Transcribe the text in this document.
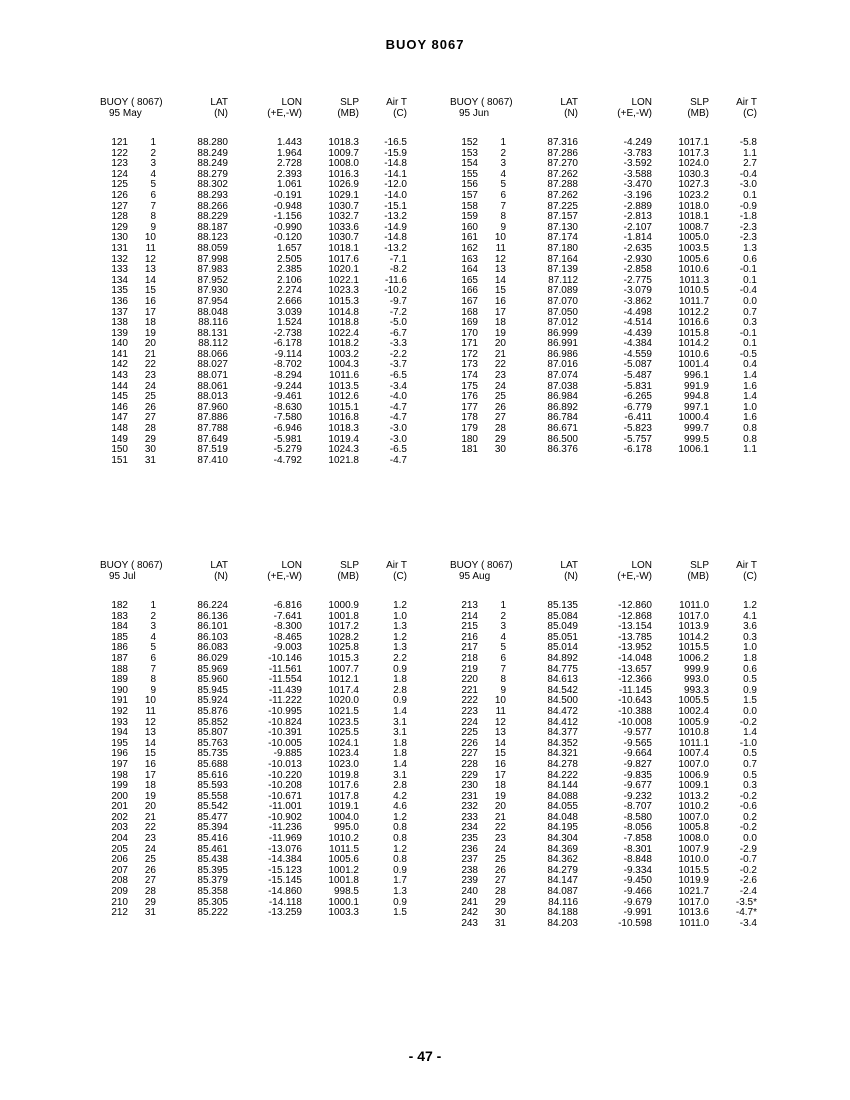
BUOY 8067
BUOY ( 8067)	LAT	LON	SLP	Air T
95 May	(N)	(+E,-W)	(MB)	(C)
121	1	88.280	1.443	1018.3	-16.5
122	2	88.249	1.964	1009.7	-15.9
123	3	88.249	2.728	1008.0	-14.8
124	4	88.279	2.393	1016.3	-14.1
125	5	88.302	1.061	1026.9	-12.0
126	6	88.293	-0.191	1029.1	-14.0
127	7	88.266	-0.948	1030.7	-15.1
128	8	88.229	-1.156	1032.7	-13.2
129	9	88.187	-0.990	1033.6	-14.9
130	10	88.123	-0.120	1030.7	-14.8
131	11	88.059	1.657	1018.1	-13.2
132	12	87.998	2.505	1017.6	-7.1
133	13	87.983	2.385	1020.1	-8.2
134	14	87.952	2.106	1022.1	-11.6
135	15	87.930	2.274	1023.3	-10.2
136	16	87.954	2.666	1015.3	-9.7
137	17	88.048	3.039	1014.8	-7.2
138	18	88.116	1.524	1018.8	-5.0
139	19	88.131	-2.738	1022.4	-6.7
140	20	88.112	-6.178	1018.2	-3.3
141	21	88.066	-9.114	1003.2	-2.2
142	22	88.027	-8.702	1004.3	-3.7
143	23	88.071	-8.294	1011.6	-6.5
144	24	88.061	-9.244	1013.5	-3.4
145	25	88.013	-9.461	1012.6	-4.0
146	26	87.960	-8.630	1015.1	-4.7
147	27	87.886	-7.580	1016.8	-4.7
148	28	87.788	-6.946	1018.3	-3.0
149	29	87.649	-5.981	1019.4	-3.0
150	30	87.519	-5.279	1024.3	-6.5
151	31	87.410	-4.792	1021.8	-4.7
BUOY ( 8067)	LAT	LON	SLP	Air T
95 Jun	(N)	(+E,-W)	(MB)	(C)
152	1	87.316	-4.249	1017.1	-5.8
153	2	87.286	-3.783	1017.3	1.1
154	3	87.270	-3.592	1024.0	2.7
155	4	87.262	-3.588	1030.3	-0.4
156	5	87.288	-3.470	1027.3	-3.0
157	6	87.262	-3.196	1023.2	0.1
158	7	87.225	-2.889	1018.0	-0.9
159	8	87.157	-2.813	1018.1	-1.8
160	9	87.130	-2.107	1008.7	-2.3
161	10	87.174	-1.814	1005.0	-2.3
162	11	87.180	-2.635	1003.5	1.3
163	12	87.164	-2.930	1005.6	0.6
164	13	87.139	-2.858	1010.6	-0.1
165	14	87.112	-2.775	1011.3	0.1
166	15	87.089	-3.079	1010.5	-0.4
167	16	87.070	-3.862	1011.7	0.0
168	17	87.050	-4.498	1012.2	0.7
169	18	87.012	-4.514	1016.6	0.3
170	19	86.999	-4.439	1015.8	-0.1
171	20	86.991	-4.384	1014.2	0.1
172	21	86.986	-4.559	1010.6	-0.5
173	22	87.016	-5.087	1001.4	0.4
174	23	87.074	-5.487	996.1	1.4
175	24	87.038	-5.831	991.9	1.6
176	25	86.984	-6.265	994.8	1.4
177	26	86.892	-6.779	997.1	1.0
178	27	86.784	-6.411	1000.4	1.6
179	28	86.671	-5.823	999.7	0.8
180	29	86.500	-5.757	999.5	0.8
181	30	86.376	-6.178	1006.1	1.1
BUOY ( 8067)	LAT	LON	SLP	Air T
95 Jul	(N)	(+E,-W)	(MB)	(C)
182	1	86.224	-6.816	1000.9	1.2
183	2	86.136	-7.641	1001.8	1.0
184	3	86.101	-8.300	1017.2	1.3
185	4	86.103	-8.465	1028.2	1.2
186	5	86.083	-9.003	1025.8	1.3
187	6	86.029	-10.146	1015.3	2.2
188	7	85.969	-11.561	1007.7	0.9
189	8	85.960	-11.554	1012.1	1.8
190	9	85.945	-11.439	1017.4	2.8
191	10	85.924	-11.222	1020.0	0.9
192	11	85.876	-10.995	1021.5	1.4
193	12	85.852	-10.824	1023.5	3.1
194	13	85.807	-10.391	1025.5	3.1
195	14	85.763	-10.005	1024.1	1.8
196	15	85.735	-9.885	1023.4	1.8
197	16	85.688	-10.013	1023.0	1.4
198	17	85.616	-10.220	1019.8	3.1
199	18	85.593	-10.208	1017.6	2.8
200	19	85.558	-10.671	1017.8	4.2
201	20	85.542	-11.001	1019.1	4.6
202	21	85.477	-10.902	1004.0	1.2
203	22	85.394	-11.236	995.0	0.8
204	23	85.416	-11.969	1010.2	0.8
205	24	85.461	-13.076	1011.5	1.2
206	25	85.438	-14.384	1005.6	0.8
207	26	85.395	-15.123	1001.2	0.9
208	27	85.379	-15.145	1001.8	1.7
209	28	85.358	-14.860	998.5	1.3
210	29	85.305	-14.118	1000.1	0.9
212	31	85.222	-13.259	1003.3	1.5
BUOY ( 8067)	LAT	LON	SLP	Air T
95 Aug	(N)	(+E,-W)	(MB)	(C)
213	1	85.135	-12.860	1011.0	1.2
214	2	85.084	-12.868	1017.0	4.1
215	3	85.049	-13.154	1013.9	3.6
216	4	85.051	-13.785	1014.2	0.3
217	5	85.014	-13.952	1015.5	1.0
218	6	84.892	-14.048	1006.2	1.8
219	7	84.775	-13.657	999.9	0.6
220	8	84.613	-12.366	993.0	0.5
221	9	84.542	-11.145	993.3	0.9
222	10	84.500	-10.643	1005.5	1.5
223	11	84.472	-10.388	1002.4	0.0
224	12	84.412	-10.008	1005.9	-0.2
225	13	84.377	-9.577	1010.8	1.4
226	14	84.352	-9.565	1011.1	-1.0
227	15	84.321	-9.664	1007.4	0.5
228	16	84.278	-9.827	1007.0	0.7
229	17	84.222	-9.835	1006.9	0.5
230	18	84.144	-9.677	1009.1	0.3
231	19	84.088	-9.232	1013.2	-0.2
232	20	84.055	-8.707	1010.2	-0.6
233	21	84.048	-8.580	1007.0	0.2
234	22	84.195	-8.056	1005.8	-0.2
235	23	84.304	-7.858	1008.0	0.0
236	24	84.369	-8.301	1007.9	-2.9
237	25	84.362	-8.848	1010.0	-0.7
238	26	84.279	-9.334	1015.5	-0.2
239	27	84.147	-9.450	1019.9	-2.6
240	28	84.087	-9.466	1021.7	-2.4
241	29	84.116	-9.679	1017.0	-3.5*
242	30	84.188	-9.991	1013.6	-4.7*
243	31	84.203	-10.598	1011.0	-3.4
- 47 -
